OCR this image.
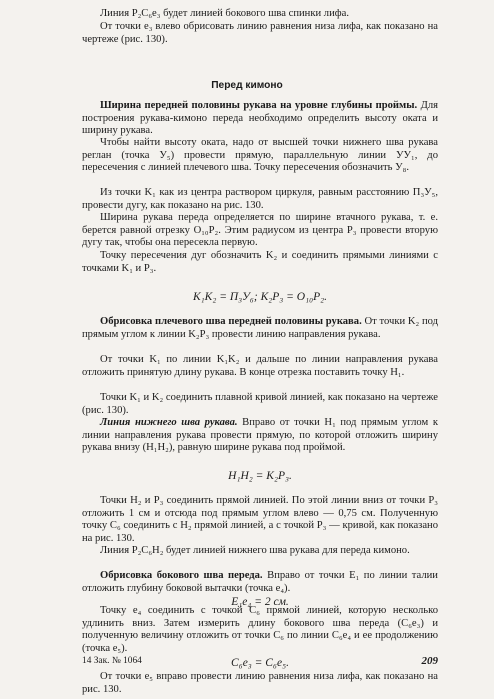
Линия P₂C₆e₃ будет линией бокового шва спинки лифа.

От точки e₃ влево обрисовать линию равнения низа лифа, как показано на чертеже (рис. 130).

Перед кимоно

Ширина передней половины рукава на уровне глубины проймы. Для построения рукава-кимоно переда необходимо определить высоту оката и ширину рукава.

Чтобы найти высоту оката, надо от высшей точки нижнего шва рукава реглан (точка У₅) провести прямую, параллельную линии УУ₁, до пересечения с линией плечевого шва. Точку пересечения обозначить У₈.

Из точки K₁ как из центра раствором циркуля, равным расстоянию П₃У₅, провести дугу, как показано на рис. 130.

Ширина рукава переда определяется по ширине втачного рукава, т. е. берется равной отрезку O₁₀P₂. Этим радиусом из центра P₃ провести вторую дугу так, чтобы она пересекла первую.

Точку пересечения дуг обозначить K₂ и соединить прямыми линиями с точками K₁ и P₃.

K₁K₂ = П₃У₆; K₂P₃ = O₁₀P₂.

Обрисовка плечевого шва передней половины рукава. От точки K₂ под прямым углом к линии K₂P₃ провести линию направления рукава.

От точки K₁ по линии K₁K₂ и дальше по линии направления рукава отложить принятую длину рукава. В конце отрезка поставить точку H₁.

Точки K₁ и K₂ соединить плавной кривой линией, как показано на чертеже (рис. 130).

Линия нижнего шва рукава. Вправо от точки H₁ под прямым углом к линии направления рукава провести прямую, по которой отложить ширину рукава внизу (H₁H₂), равную ширине рукава под проймой.

H₁H₂ = K₂P₃.

Точки H₂ и P₃ соединить прямой линией. По этой линии вниз от точки P₃ отложить 1 см и отсюда под прямым углом влево — 0,75 см. Полученную точку C₆ соединить с H₂ прямой линией, а с точкой P₃ — кривой, как показано на рис. 130.

Линия P₂C₆H₂ будет линией нижнего шва рукава для переда кимоно.

Обрисовка бокового шва переда. Вправо от точки E₁ по линии талии отложить глубину боковой вытачки (точка e₄).

E₁e₄ = 2 см.

Точку e₄ соединить с точкой C₆ прямой линией, которую несколько удлинить вниз. Затем измерить длину бокового шва переда (C₆e₃) и полученную величину отложить от точки C₆ по линии C₆e₄ и ее продолжению (точка e₅).

14 Зак. № 1064	209

C₆e₃ = C₆e₅.

От точки e₅ вправо провести линию равнения низа лифа, как показано на рис. 130.
